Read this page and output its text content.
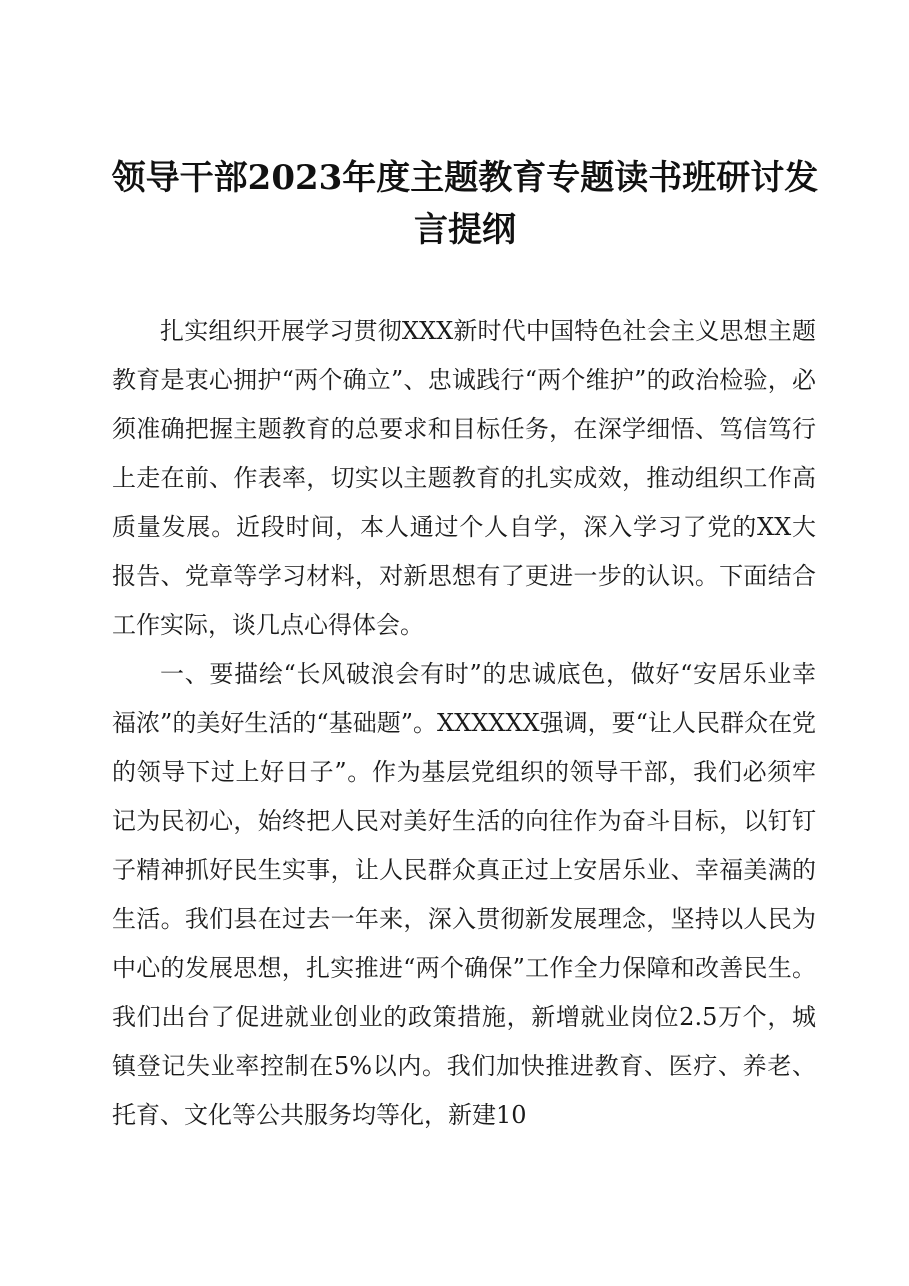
领导干部2023年度主题教育专题读书班研讨发言提纲

扎实组织开展学习贯彻XXX新时代中国特色社会主义思想主题教育是衷心拥护“两个确立”、忠诚践行“两个维护”的政治检验，必须准确把握主题教育的总要求和目标任务，在深学细悟、笃信笃行上走在前、作表率，切实以主题教育的扎实成效，推动组织工作高质量发展。近段时间，本人通过个人自学，深入学习了党的XX大报告、党章等学习材料，对新思想有了更进一步的认识。下面结合工作实际，谈几点心得体会。

一、要描绘“长风破浪会有时”的忠诚底色，做好“安居乐业幸福浓”的美好生活的“基础题”。XXXXXX强调，要“让人民群众在党的领导下过上好日子”。作为基层党组织的领导干部，我们必须牢记为民初心，始终把人民对美好生活的向往作为奋斗目标，以钉钉子精神抓好民生实事，让人民群众真正过上安居乐业、幸福美满的生活。我们县在过去一年来，深入贯彻新发展理念，坚持以人民为中心的发展思想，扎实推进“两个确保”工作全力保障和改善民生。我们出台了促进就业创业的政策措施，新增就业岗位2.5万个，城镇登记失业率控制在5%以内。我们加快推进教育、医疗、养老、托育、文化等公共服务均等化，新建10
